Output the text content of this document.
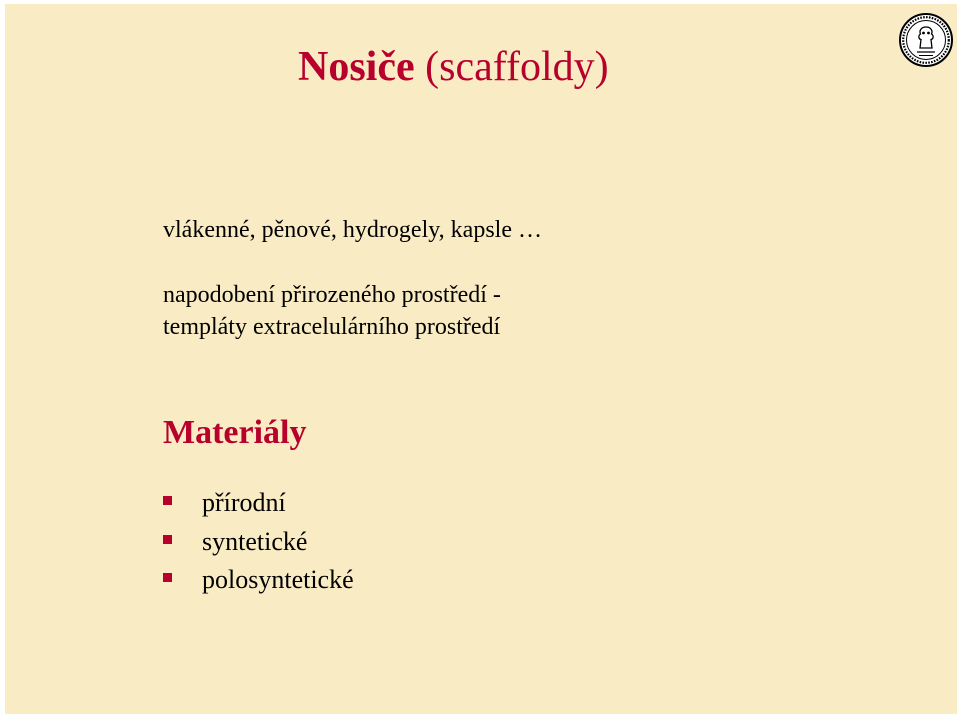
Nosiče (scaffoldy)

vlákenné, pěnové, hydrogely, kapsle …

napodobení přirozeného prostředí -

templáty extracelulárního prostředí

Materiály
přírodní
syntetické
polosyntetické
